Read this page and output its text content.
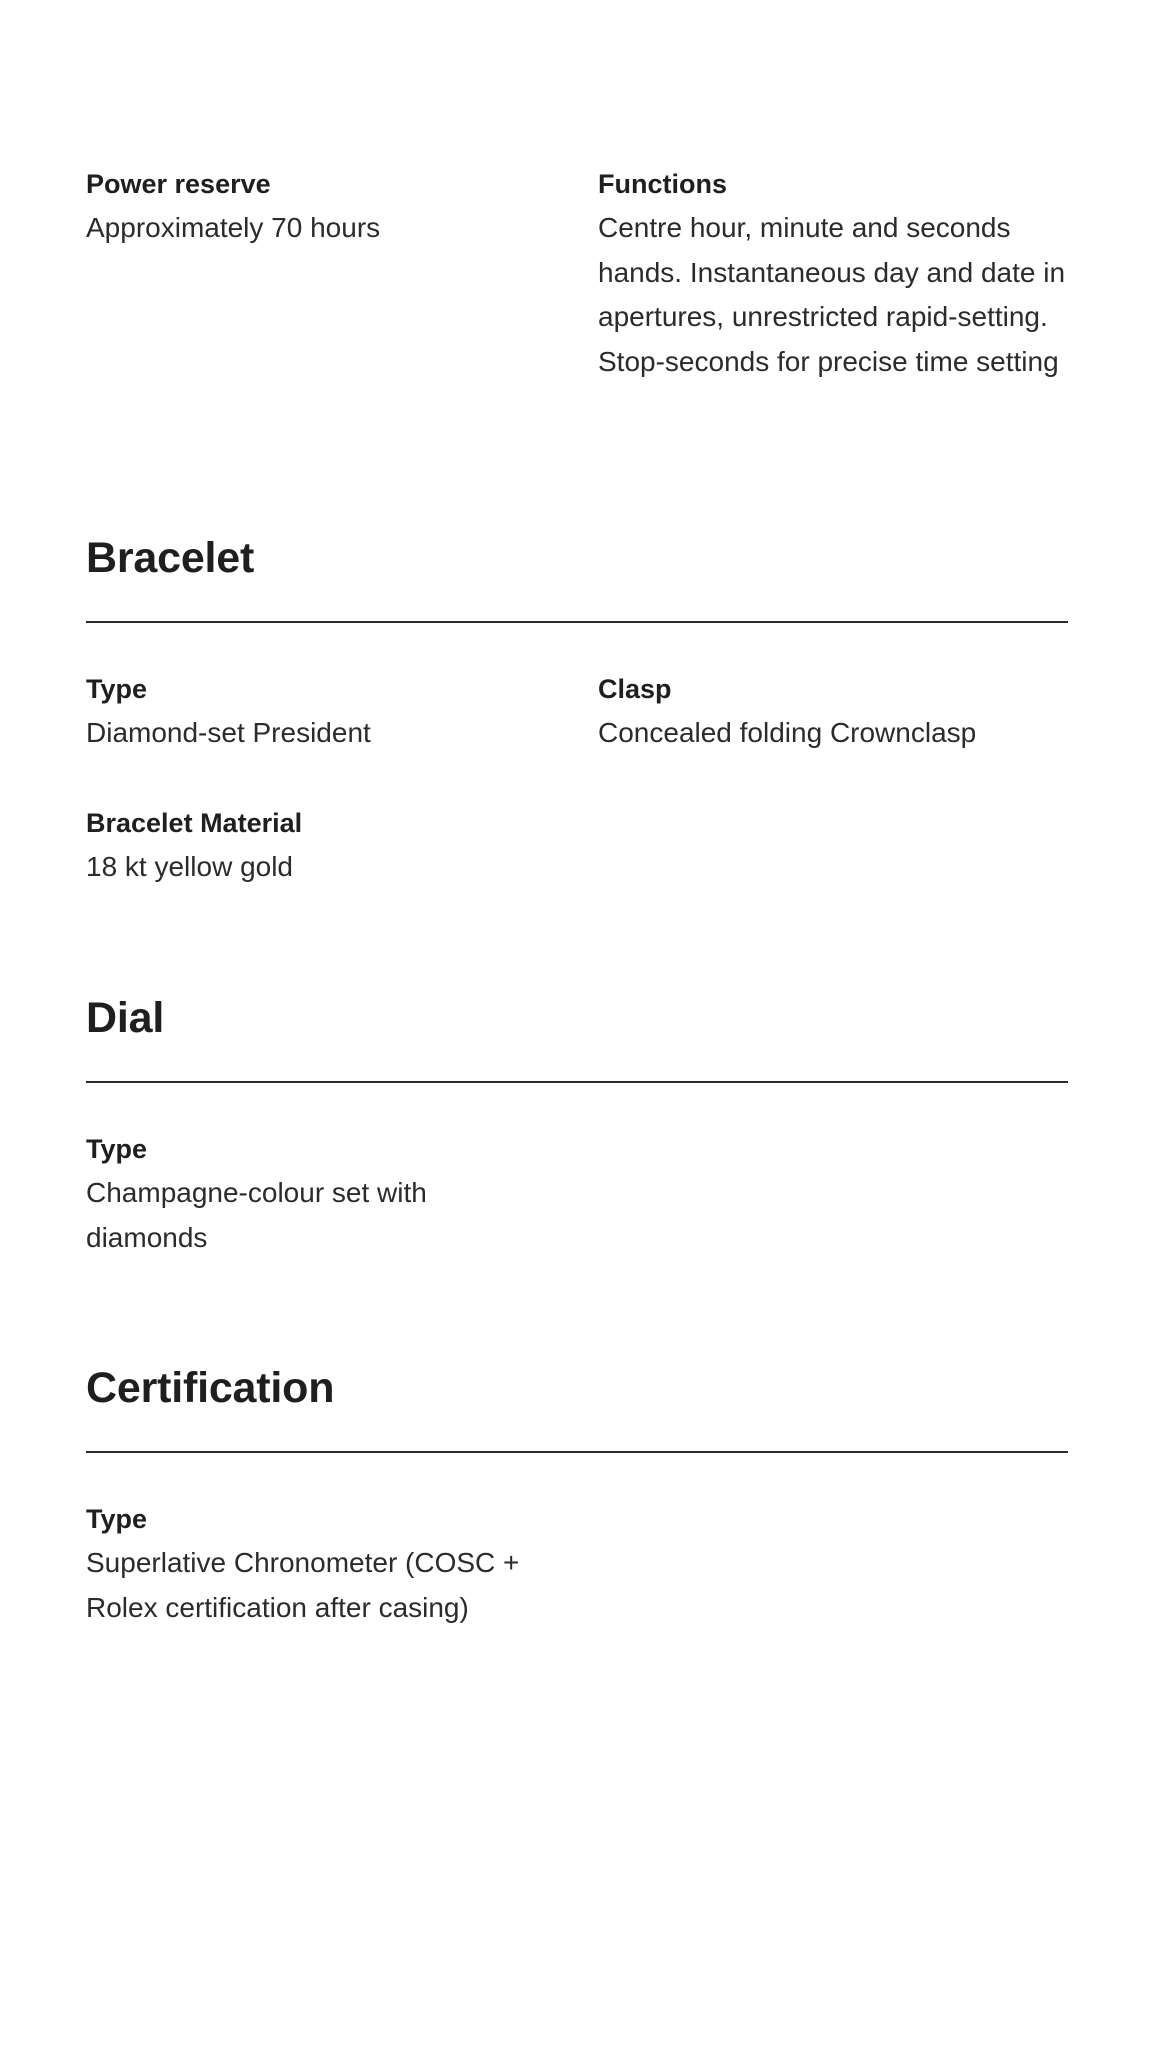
Power reserve
Approximately 70 hours
Functions
Centre hour, minute and seconds hands. Instantaneous day and date in apertures, unrestricted rapid-setting. Stop-seconds for precise time setting
Bracelet
Type
Diamond-set President
Clasp
Concealed folding Crownclasp
Bracelet Material
18 kt yellow gold
Dial
Type
Champagne-colour set with diamonds
Certification
Type
Superlative Chronometer (COSC + Rolex certification after casing)
